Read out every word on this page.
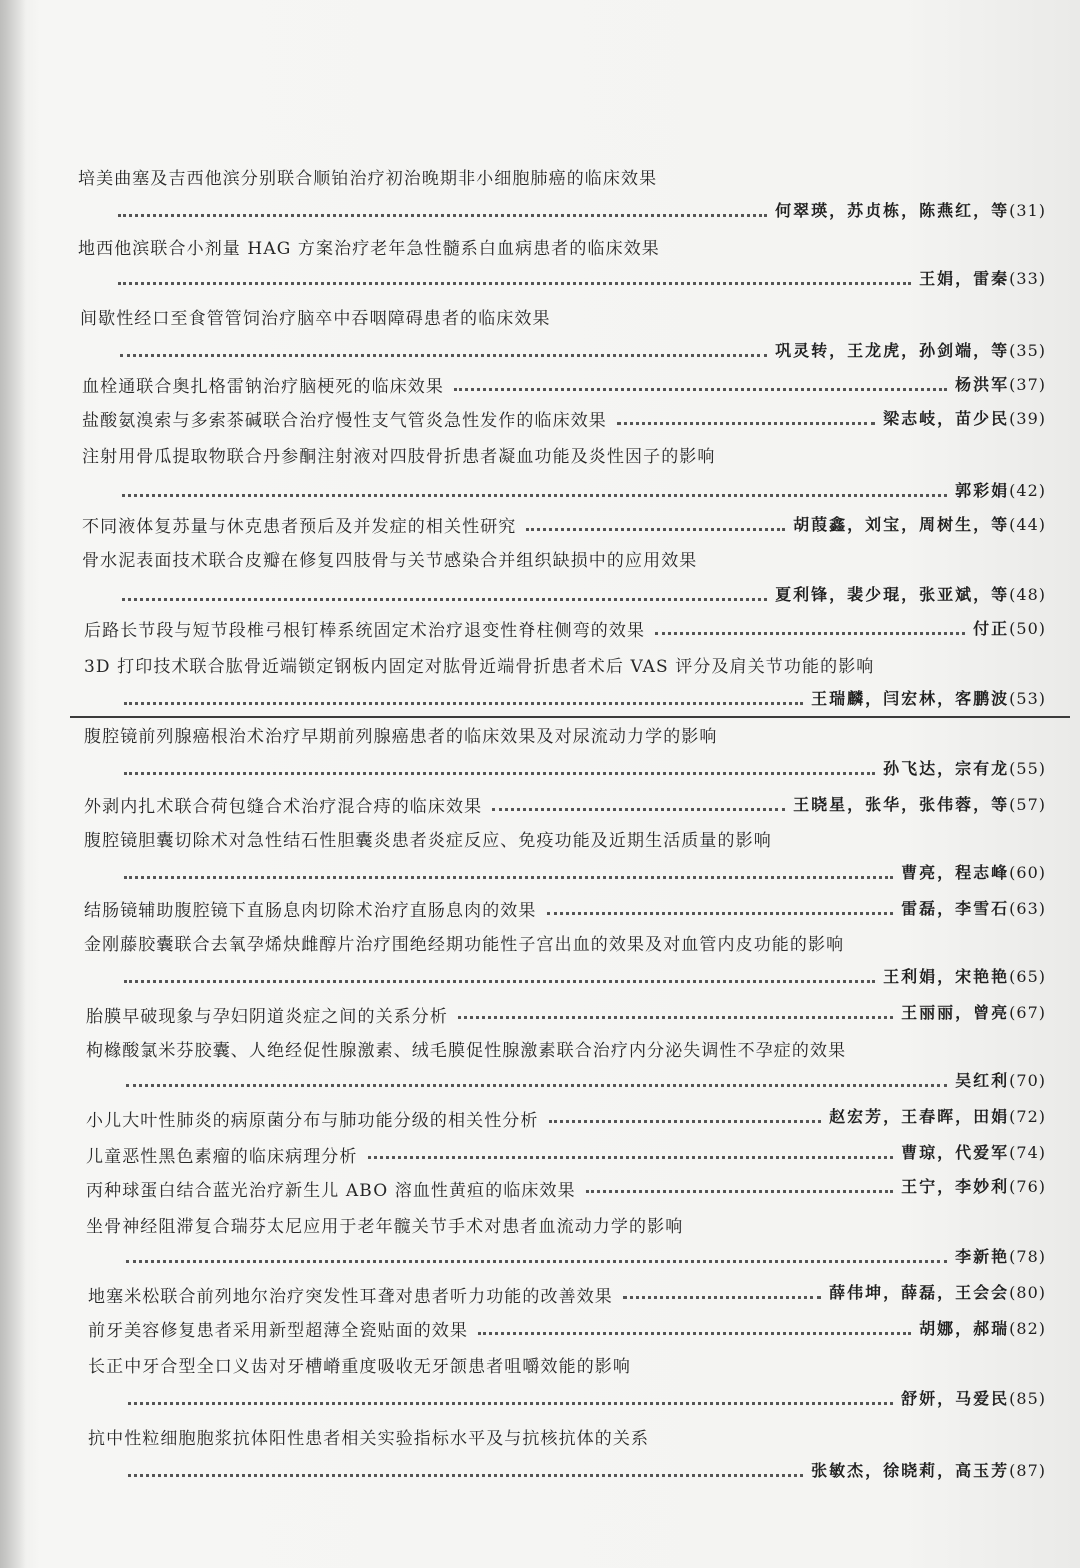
培美曲塞及吉西他滨分别联合顺铂治疗初治晚期非小细胞肺癌的临床效果
何翠瑛，苏贞栋，陈燕红，等(31)
地西他滨联合小剂量 HAG 方案治疗老年急性髓系白血病患者的临床效果
王娟，雷秦(33)
间歇性经口至食管管饲治疗脑卒中吞咽障碍患者的临床效果
巩灵转，王龙虎，孙剑端，等(35)
血栓通联合奥扎格雷钠治疗脑梗死的临床效果	杨洪军(37)
盐酸氨溴索与多索茶碱联合治疗慢性支气管炎急性发作的临床效果	梁志岐，苗少民(39)
注射用骨瓜提取物联合丹参酮注射液对四肢骨折患者凝血功能及炎性因子的影响
郭彩娟(42)
不同液体复苏量与休克患者预后及并发症的相关性研究	胡葭鑫，刘宝，周树生，等(44)
骨水泥表面技术联合皮瓣在修复四肢骨与关节感染合并组织缺损中的应用效果
夏利锋，裴少琨，张亚斌，等(48)
后路长节段与短节段椎弓根钉棒系统固定术治疗退变性脊柱侧弯的效果	付正(50)
3D 打印技术联合肱骨近端锁定钢板内固定对肱骨近端骨折患者术后 VAS 评分及肩关节功能的影响
王瑞麟，闫宏林，客鹏波(53)
腹腔镜前列腺癌根治术治疗早期前列腺癌患者的临床效果及对尿流动力学的影响
孙飞达，宗有龙(55)
外剥内扎术联合荷包缝合术治疗混合痔的临床效果	王晓星，张华，张伟蓉，等(57)
腹腔镜胆囊切除术对急性结石性胆囊炎患者炎症反应、免疫功能及近期生活质量的影响
曹亮，程志峰(60)
结肠镜辅助腹腔镜下直肠息肉切除术治疗直肠息肉的效果	雷磊，李雪石(63)
金刚藤胶囊联合去氧孕烯炔雌醇片治疗围绝经期功能性子宫出血的效果及对血管内皮功能的影响
王利娟，宋艳艳(65)
胎膜早破现象与孕妇阴道炎症之间的关系分析	王丽丽，曾亮(67)
枸橼酸氯米芬胶囊、人绝经促性腺激素、绒毛膜促性腺激素联合治疗内分泌失调性不孕症的效果
吴红利(70)
小儿大叶性肺炎的病原菌分布与肺功能分级的相关性分析	赵宏芳，王春晖，田娟(72)
儿童恶性黑色素瘤的临床病理分析	曹琼，代爱军(74)
丙种球蛋白结合蓝光治疗新生儿 ABO 溶血性黄疸的临床效果	王宁，李妙利(76)
坐骨神经阻滞复合瑞芬太尼应用于老年髋关节手术对患者血流动力学的影响
李新艳(78)
地塞米松联合前列地尔治疗突发性耳聋对患者听力功能的改善效果	薛伟坤，薛磊，王会会(80)
前牙美容修复患者采用新型超薄全瓷贴面的效果	胡娜，郝瑞(82)
长正中牙合型全口义齿对牙槽嵴重度吸收无牙颌患者咀嚼效能的影响
舒妍，马爱民(85)
抗中性粒细胞胞浆抗体阳性患者相关实验指标水平及与抗核抗体的关系
张敏杰，徐晓莉，高玉芳(87)
